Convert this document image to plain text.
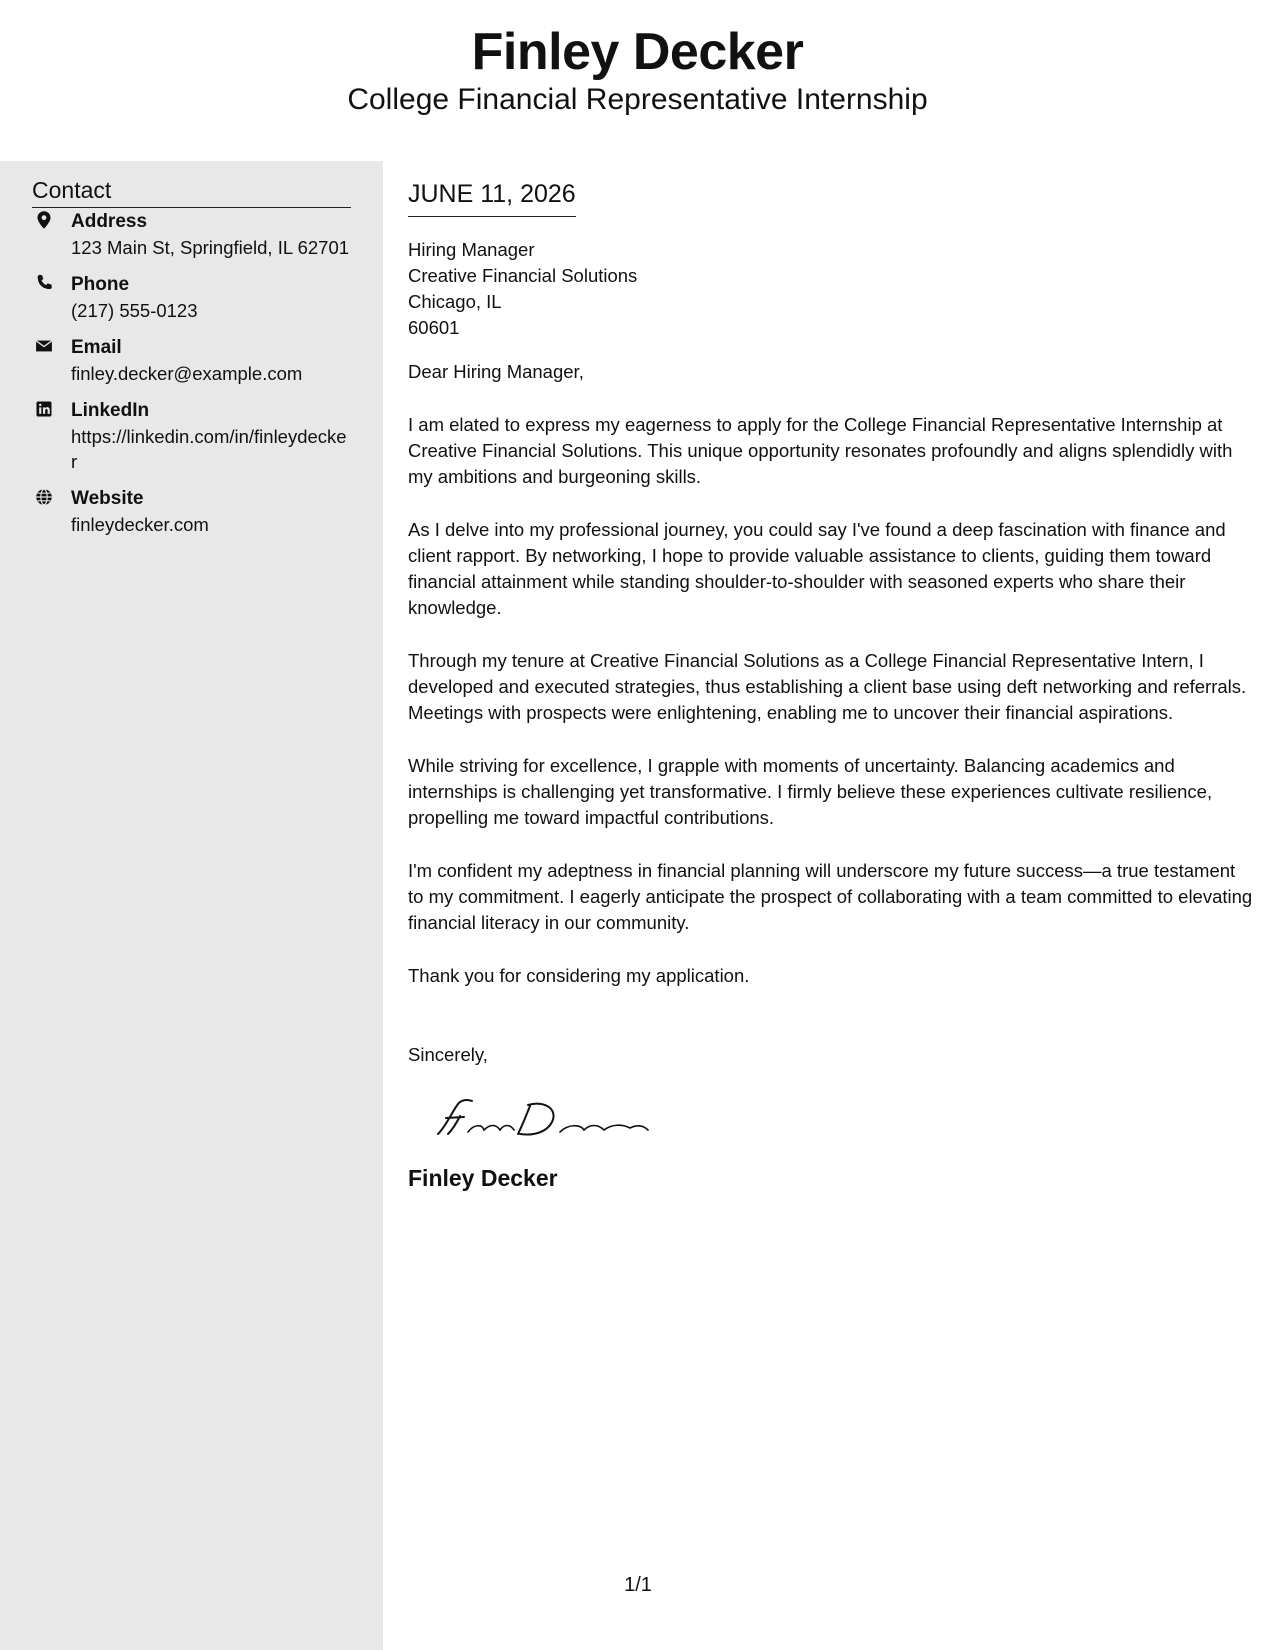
Finley Decker
College Financial Representative Internship
Contact
Address
123 Main St, Springfield, IL 62701
Phone
(217) 555-0123
Email
finley.decker@example.com
LinkedIn
https://linkedin.com/in/finleydecker
Website
finleydecker.com
JUNE 11, 2026
Hiring Manager
Creative Financial Solutions
Chicago, IL
60601
Dear Hiring Manager,
I am elated to express my eagerness to apply for the College Financial Representative Internship at Creative Financial Solutions. This unique opportunity resonates profoundly and aligns splendidly with my ambitions and burgeoning skills.
As I delve into my professional journey, you could say I've found a deep fascination with finance and client rapport. By networking, I hope to provide valuable assistance to clients, guiding them toward financial attainment while standing shoulder-to-shoulder with seasoned experts who share their knowledge.
Through my tenure at Creative Financial Solutions as a College Financial Representative Intern, I developed and executed strategies, thus establishing a client base using deft networking and referrals. Meetings with prospects were enlightening, enabling me to uncover their financial aspirations.
While striving for excellence, I grapple with moments of uncertainty. Balancing academics and internships is challenging yet transformative. I firmly believe these experiences cultivate resilience, propelling me toward impactful contributions.
I'm confident my adeptness in financial planning will underscore my future success—a true testament to my commitment. I eagerly anticipate the prospect of collaborating with a team committed to elevating financial literacy in our community.
Thank you for considering my application.
Sincerely,
Finley Decker
1/1
